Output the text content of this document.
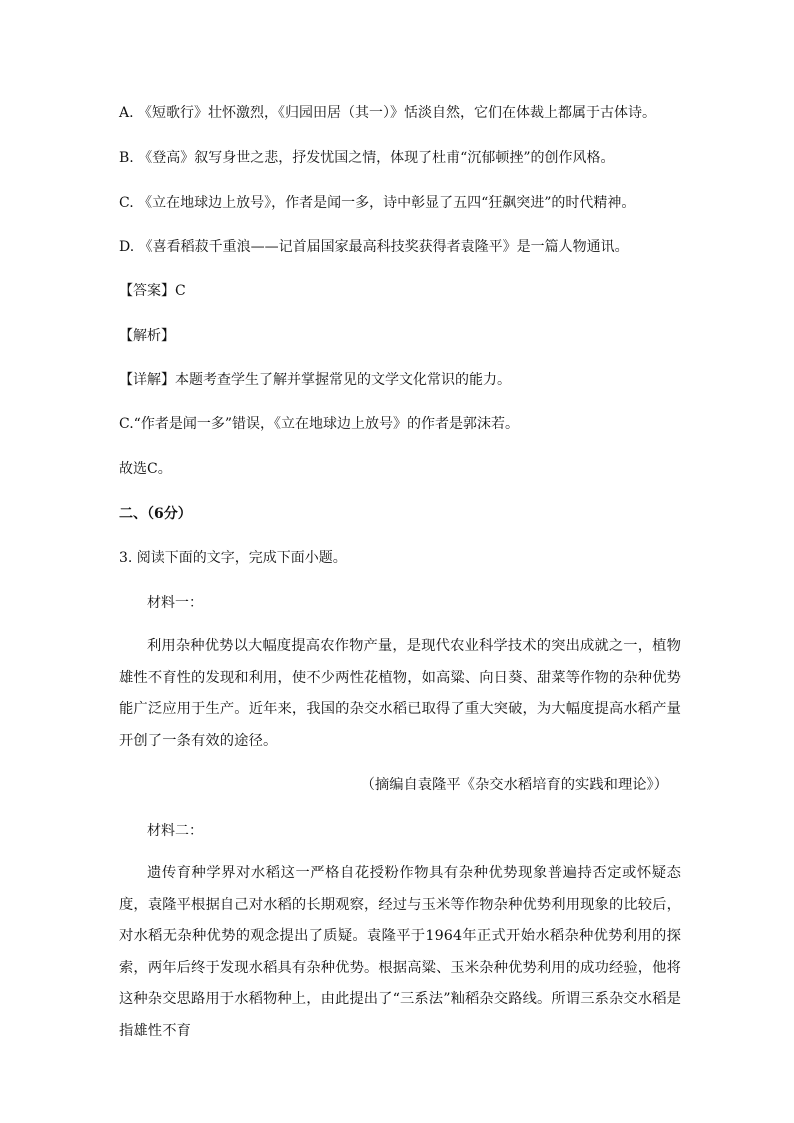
A. 《短歌行》壮怀激烈，《归园田居（其一）》恬淡自然，它们在体裁上都属于古体诗。
B. 《登高》叙写身世之悲，抒发忧国之情，体现了杜甫“沉郁顿挫”的创作风格。
C. 《立在地球边上放号》，作者是闻一多，诗中彰显了五四“狂飙突进”的时代精神。
D. 《喜看稻菽千重浪——记首届国家最高科技奖获得者袁隆平》是一篇人物通讯。
【答案】C
【解析】
【详解】本题考查学生了解并掌握常见的文学文化常识的能力。
C.“作者是闻一多”错误，《立在地球边上放号》的作者是郭沫若。
故选C。
二、（6分）
3. 阅读下面的文字，完成下面小题。
材料一：
利用杂种优势以大幅度提高农作物产量，是现代农业科学技术的突出成就之一，植物雄性不育性的发现和利用，使不少两性花植物，如高粱、向日葵、甜菜等作物的杂种优势能广泛应用于生产。近年来，我国的杂交水稻已取得了重大突破，为大幅度提高水稻产量开创了一条有效的途径。
（摘编自袁隆平《杂交水稻培育的实践和理论》）
材料二：
遗传育种学界对水稻这一严格自花授粉作物具有杂种优势现象普遍持否定或怀疑态度，袁隆平根据自己对水稻的长期观察，经过与玉米等作物杂种优势利用现象的比较后，对水稻无杂种优势的观念提出了质疑。袁隆平于1964年正式开始水稻杂种优势利用的探索，两年后终于发现水稻具有杂种优势。根据高粱、玉米杂种优势利用的成功经验，他将这种杂交思路用于水稻物种上，由此提出了“三系法”籼稻杂交路线。所谓三系杂交水稻是指雄性不育
